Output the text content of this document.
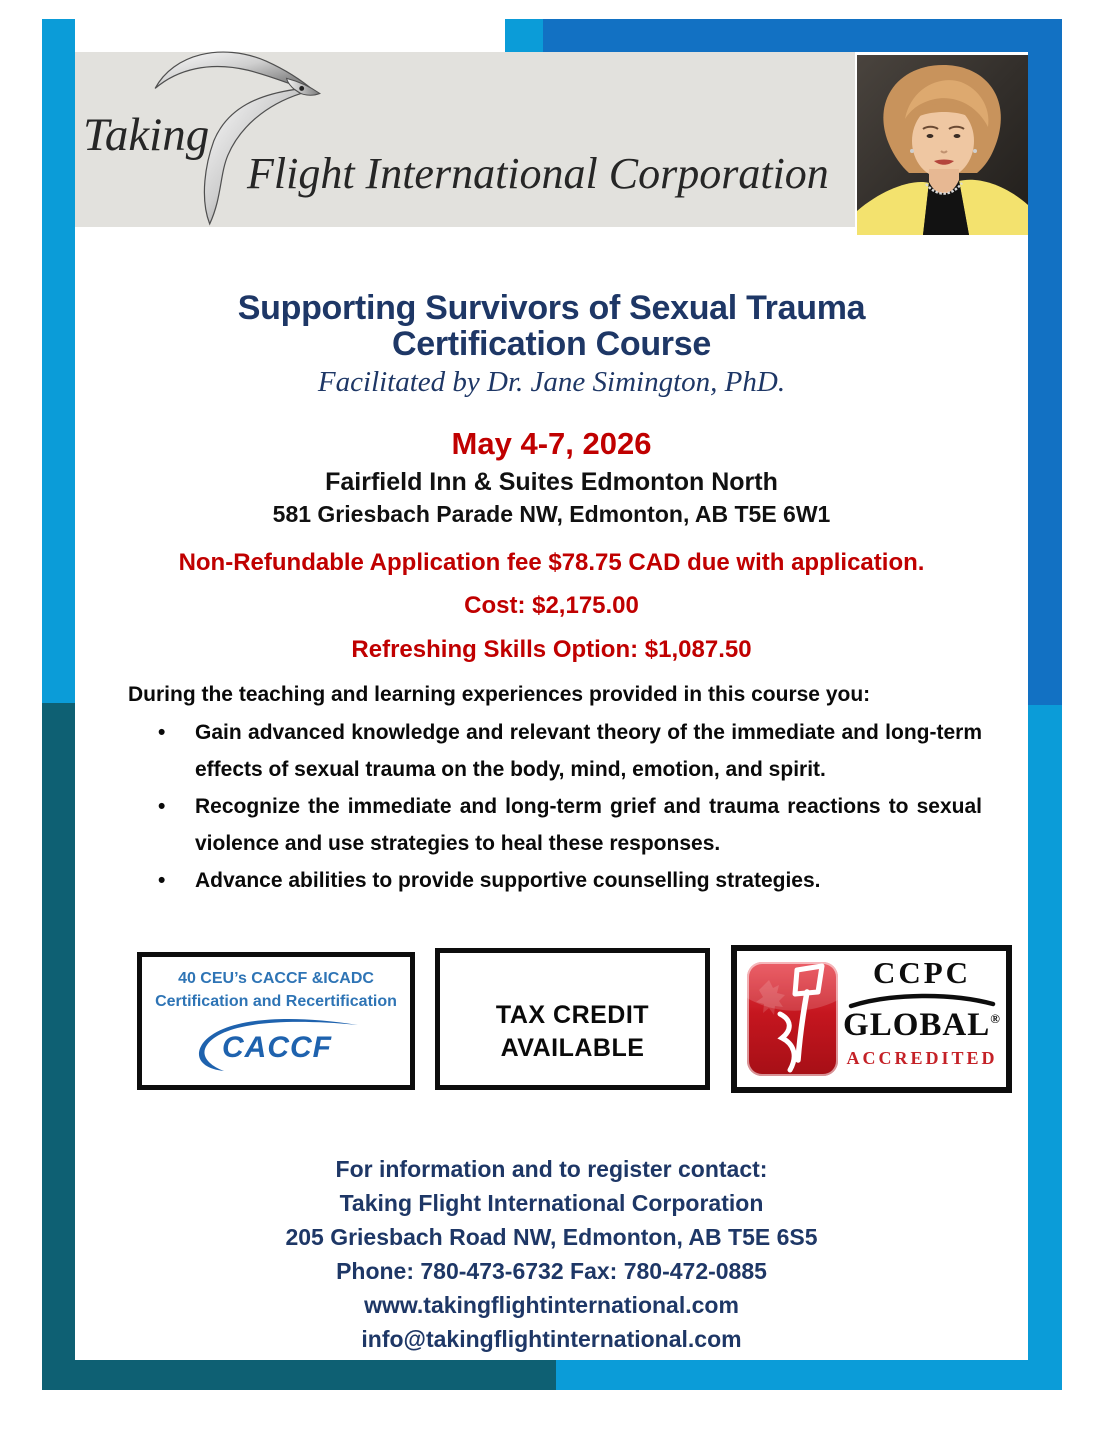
Taking
Flight International Corporation
Supporting Survivors of Sexual Trauma
Certification Course
Facilitated by Dr. Jane Simington, PhD.
May 4-7, 2026
Fairfield Inn & Suites Edmonton North
581 Griesbach Parade NW, Edmonton, AB T5E 6W1
Non-Refundable Application fee $78.75 CAD due with application.
Cost: $2,175.00
Refreshing Skills Option: $1,087.50
During the teaching and learning experiences provided in this course you:
• Gain advanced knowledge and relevant theory of the immediate and long-term effects of sexual trauma on the body, mind, emotion, and spirit.
• Recognize the immediate and long-term grief and trauma reactions to sexual violence and use strategies to heal these responses.
• Advance abilities to provide supportive counselling strategies.
40 CEU’s CACCF &ICADC
Certification and Recertification
CACCF
TAX CREDIT
AVAILABLE
CCPC
GLOBAL®
ACCREDITED
For information and to register contact:
Taking Flight International Corporation
205 Griesbach Road NW, Edmonton, AB T5E 6S5
Phone: 780-473-6732 Fax: 780-472-0885
www.takingflightinternational.com
info@takingflightinternational.com
